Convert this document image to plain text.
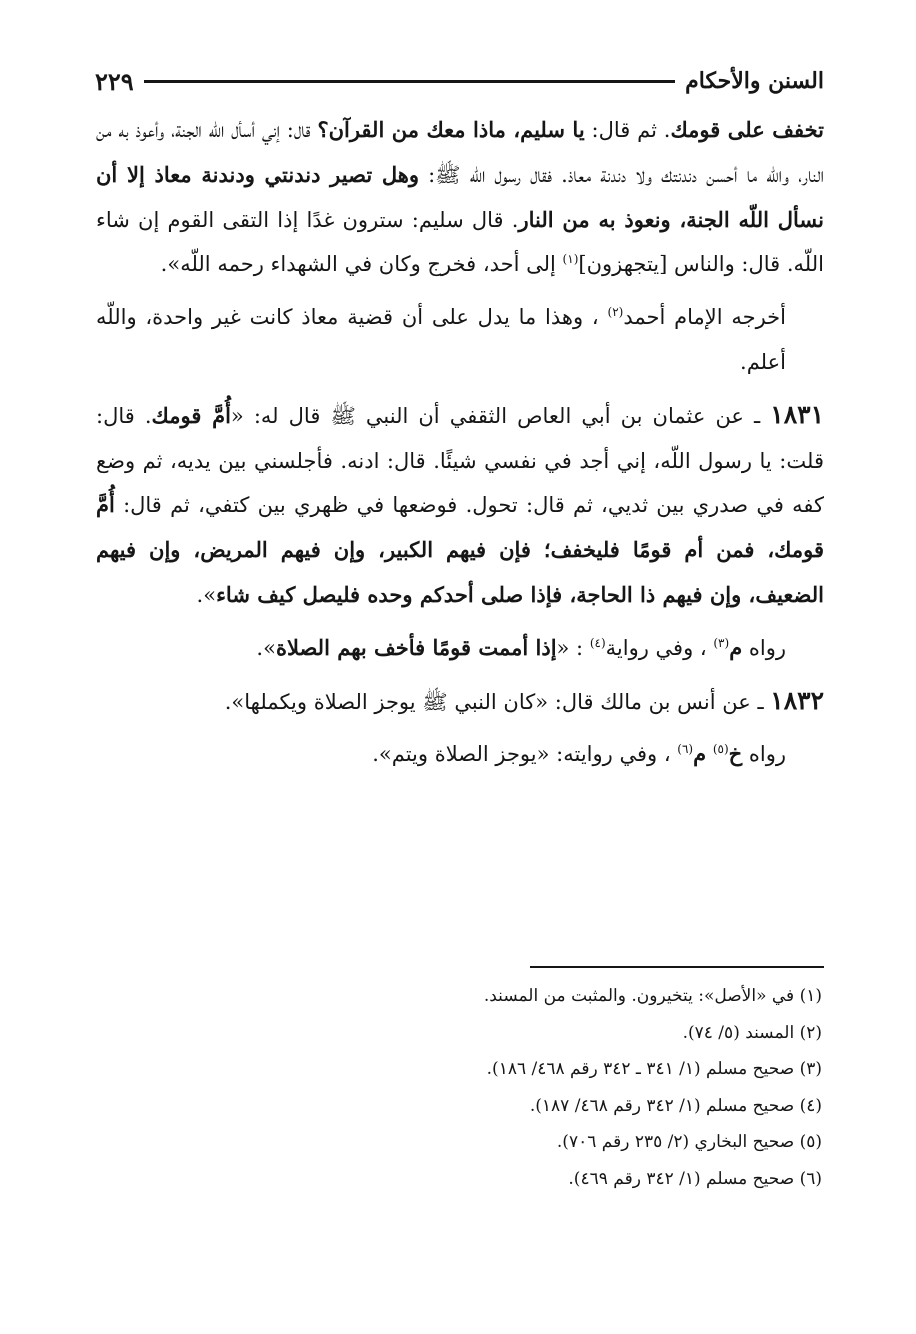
السنن والأحكام
٢٢٩

تخفف على قومك. ثم قال: يا سليم، ماذا معك من القرآن؟ قال: إني أسأل اللّه الجنة، وأعوذ به من النار، واللّه ما أحسن دندنتك ولا دندنة معاذ. فقال رسول اللّه ﷺ: وهل تصير دندنتي ودندنة معاذ إلا أن نسأل اللّه الجنة، ونعوذ به من النار. قال سليم: سترون غدًا إذا التقى القوم إن شاء اللّه. قال: والناس [يتجهزون]$^{(١)}$ إلى أحد، فخرج وكان في الشهداء رحمه اللّه».

أخرجه الإمام أحمد$^{(٢)}$ ، وهذا ما يدل على أن قضية معاذ كانت غير واحدة، واللّه أعلم.

١٨٣١ ـ عن عثمان بن أبي العاص الثقفي أن النبي ﷺ قال له: «أُمَّ قومك. قال: قلت: يا رسول اللّه، إني أجد في نفسي شيئًا. قال: ادنه. فأجلسني بين يديه، ثم وضع كفه في صدري بين ثديي، ثم قال: تحول. فوضعها في ظهري بين كتفي، ثم قال: أُمَّ قومك، فمن أم قومًا فليخفف؛ فإن فيهم الكبير، وإن فيهم المريض، وإن فيهم الضعيف، وإن فيهم ذا الحاجة، فإذا صلى أحدكم وحده فليصل كيف شاء».

رواه م$^{(٣)}$ ، وفي رواية$^{(٤)}$ : «إذا أممت قومًا فأخف بهم الصلاة».

١٨٣٢ ـ عن أنس بن مالك قال: «كان النبي ﷺ يوجز الصلاة ويكملها».

رواه خ$^{(٥)}$ م$^{(٦)}$ ، وفي روايته: «يوجز الصلاة ويتم».

(١) في «الأصل»: يتخيرون. والمثبت من المسند.
(٢) المسند (٥/ ٧٤).
(٣) صحيح مسلم (١/ ٣٤١ ـ ٣٤٢ رقم ٤٦٨/ ١٨٦).
(٤) صحيح مسلم (١/ ٣٤٢ رقم ٤٦٨/ ١٨٧).
(٥) صحيح البخاري (٢/ ٢٣٥ رقم ٧٠٦).
(٦) صحيح مسلم (١/ ٣٤٢ رقم ٤٦٩).
